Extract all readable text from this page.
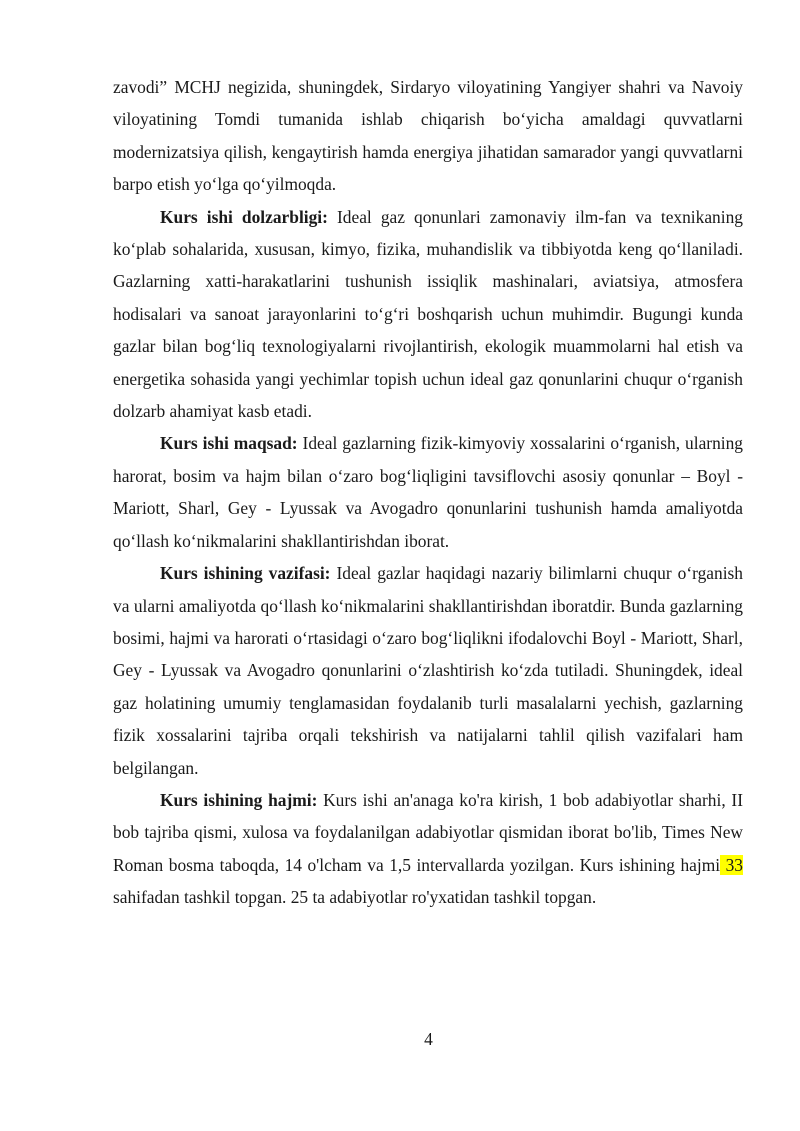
zavodi” MCHJ negizida, shuningdek, Sirdaryo viloyatining Yangiyer shahri va Navoiy viloyatining Tomdi tumanida ishlab chiqarish bo‘yicha amaldagi quvvatlarni modernizatsiya qilish, kengaytirish hamda energiya jihatidan samarador yangi quvvatlarni barpo etish yo‘lga qo‘yilmoqda.

Kurs ishi dolzarbligi: Ideal gaz qonunlari zamonaviy ilm-fan va texnikaning ko‘plab sohalarida, xususan, kimyo, fizika, muhandislik va tibbiyotda keng qo‘llaniladi. Gazlarning xatti-harakatlarini tushunish issiqlik mashinalari, aviatsiya, atmosfera hodisalari va sanoat jarayonlarini to‘g‘ri boshqarish uchun muhimdir. Bugungi kunda gazlar bilan bog‘liq texnologiyalarni rivojlantirish, ekologik muammolarni hal etish va energetika sohasida yangi yechimlar topish uchun ideal gaz qonunlarini chuqur o‘rganish dolzarb ahamiyat kasb etadi.

Kurs ishi maqsad: Ideal gazlarning fizik-kimyoviy xossalarini o‘rganish, ularning harorat, bosim va hajm bilan o‘zaro bog‘liqligini tavsiflovchi asosiy qonunlar – Boyl - Mariott, Sharl, Gey - Lyussak va Avogadro qonunlarini tushunish hamda amaliyotda qo‘llash ko‘nikmalarini shakllantirishdan iborat.

Kurs ishining vazifasi: Ideal gazlar haqidagi nazariy bilimlarni chuqur o‘rganish va ularni amaliyotda qo‘llash ko‘nikmalarini shakllantirishdan iboratdir. Bunda gazlarning bosimi, hajmi va harorati o‘rtasidagi o‘zaro bog‘liqlikni ifodalovchi Boyl - Mariott, Sharl, Gey - Lyussak va Avogadro qonunlarini o‘zlashtirish ko‘zda tutiladi. Shuningdek, ideal gaz holatining umumiy tenglamasidan foydalanib turli masalalarni yechish, gazlarning fizik xossalarini tajriba orqali tekshirish va natijalarni tahlil qilish vazifalari ham belgilangan.

Kurs ishining hajmi: Kurs ishi an'anaga ko'ra kirish, 1 bob adabiyotlar sharhi, II bob tajriba qismi, xulosa va foydalanilgan adabiyotlar qismidan iborat bo'lib, Times New Roman bosma taboqda, 14 o'lcham va 1,5 intervallarda yozilgan. Kurs ishining hajmi 33 sahifadan tashkil topgan. 25 ta adabiyotlar ro'yxatidan tashkil topgan.

4
